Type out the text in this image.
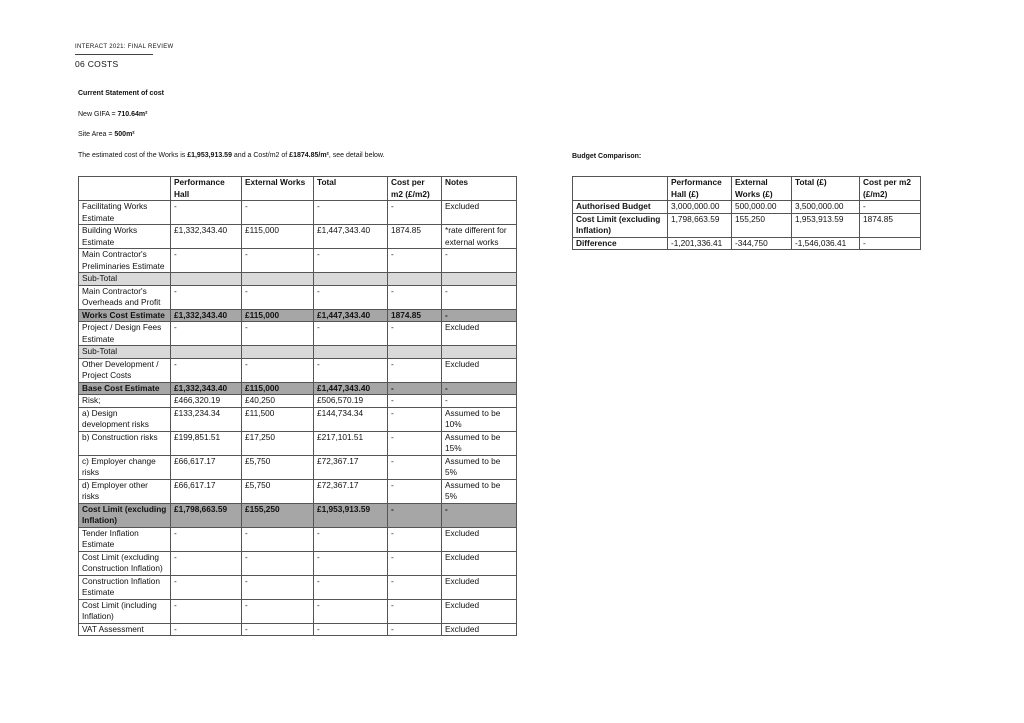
INTERACT 2021: FINAL REVIEW
06 COSTS
Current Statement of cost
New GIFA = 710.64m²
Site Area = 500m²
The estimated cost of the Works is £1,953,913.59 and a Cost/m2 of £1874.85/m², see detail below.
	Performance Hall	External Works	Total	Cost per m2 (£/m2)	Notes
Facilitating Works Estimate	-	-	-	-	Excluded
Building Works Estimate	£1,332,343.40	£115,000	£1,447,343.40	1874.85	*rate different for external works
Main Contractor's Preliminaries Estimate	-	-	-	-	-
Sub-Total					
Main Contractor's Overheads and Profit	-	-	-	-	-
Works Cost Estimate	£1,332,343.40	£115,000	£1,447,343.40	1874.85	-
Project / Design Fees Estimate	-	-	-	-	Excluded
Sub-Total					
Other Development / Project Costs	-	-	-	-	Excluded
Base Cost Estimate	£1,332,343.40	£115,000	£1,447,343.40	-	-
Risk;	£466,320.19	£40,250	£506,570.19	-	-
a) Design development risks	£133,234.34	£11,500	£144,734.34	-	Assumed to be 10%
b) Construction risks	£199,851.51	£17,250	£217,101.51	-	Assumed to be 15%
c) Employer change risks	£66,617.17	£5,750	£72,367.17	-	Assumed to be 5%
d) Employer other risks	£66,617.17	£5,750	£72,367.17	-	Assumed to be 5%
Cost Limit (excluding Inflation)	£1,798,663.59	£155,250	£1,953,913.59	-	-
Tender Inflation Estimate	-	-	-	-	Excluded
Cost Limit (excluding Construction Inflation)	-	-	-	-	Excluded
Construction Inflation Estimate	-	-	-	-	Excluded
Cost Limit (including Inflation)	-	-	-	-	Excluded
VAT Assessment	-	-	-	-	Excluded
Budget Comparison:
	Performance Hall (£)	External Works (£)	Total (£)	Cost per m2 (£/m2)
Authorised Budget	3,000,000.00	500,000.00	3,500,000.00	-
Cost Limit (excluding Inflation)	1,798,663.59	155,250	1,953,913.59	1874.85
Difference	-1,201,336.41	-344,750	-1,546,036.41	-
